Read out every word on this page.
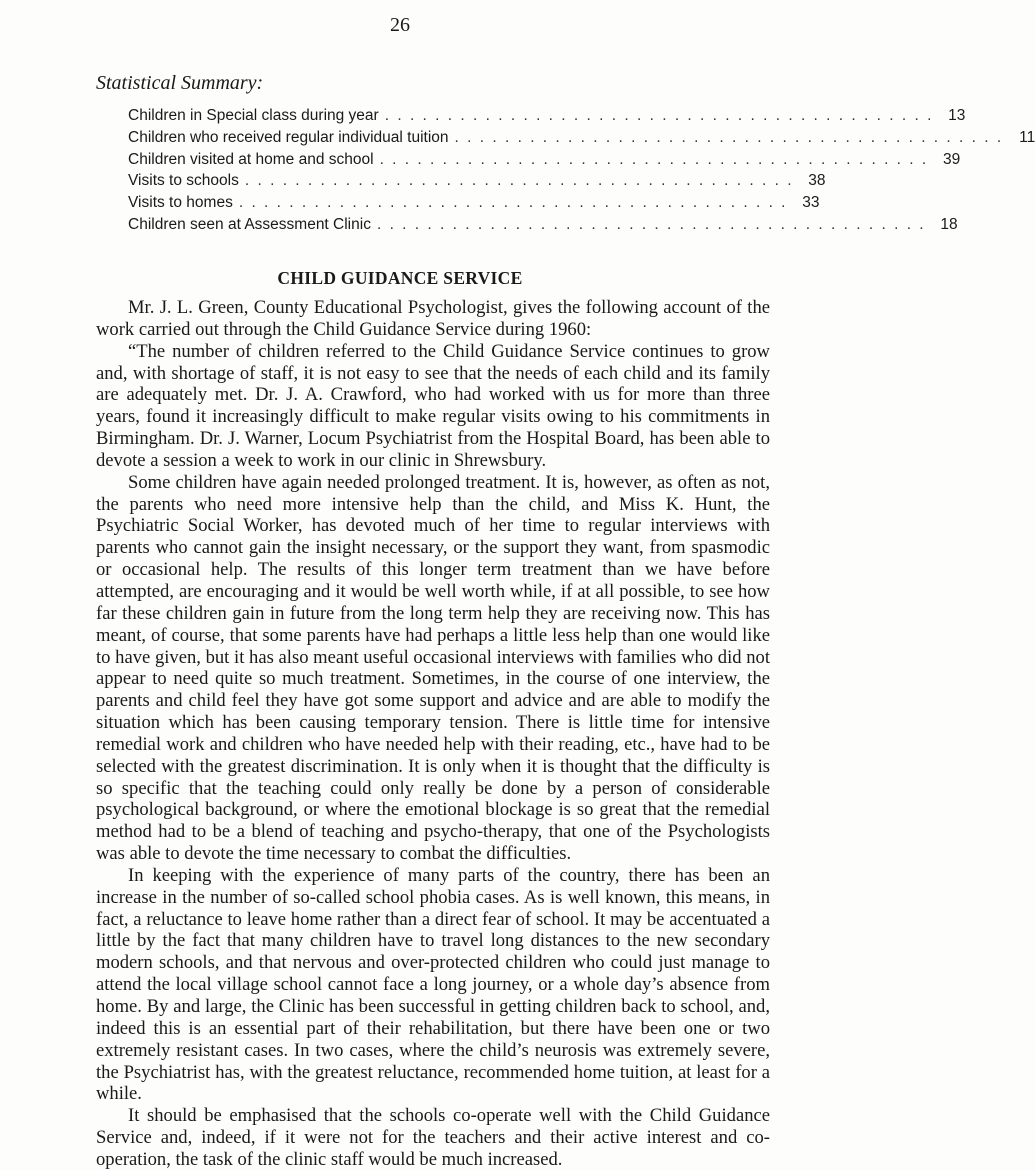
26
Statistical Summary:
Children in Special class during year . . . . . . . . . . . . . . . . . . . . . . . . . . . . . . . . . . . . . . . . . . . . 13
Children who received regular individual tuition . . . . . . . . . . . . . . . . . . . . . . . . . . . . . . . . . . . . . . . . . . . .	11
Children visited at home and school . . . . . . . . . . . . . . . . . . . . . . . . . . . . . . . . . . . . . . . . . . . . 39
Visits to schools . . . . . . . . . . . . . . . . . . . . . . . . . . . . . . . . . . . . . . . . . . . . 38
Visits to homes . . . . . . . . . . . . . . . . . . . . . . . . . . . . . . . . . . . . . . . . . . . . 33
Children seen at Assessment Clinic . . . . . . . . . . . . . . . . . . . . . . . . . . . . . . . . . . . . . . . . . . . . 18
CHILD GUIDANCE SERVICE

Mr. J. L. Green, County Educational Psychologist, gives the following account of the work carried out through the Child Guidance Service during 1960:

“The number of children referred to the Child Guidance Service continues to grow and, with shortage of staff, it is not easy to see that the needs of each child and its family are adequately met. Dr. J. A. Crawford, who had worked with us for more than three years, found it increasingly difficult to make regular visits owing to his commitments in Birmingham. Dr. J. Warner, Locum Psychiatrist from the Hospital Board, has been able to devote a session a week to work in our clinic in Shrewsbury.

Some children have again needed prolonged treatment. It is, however, as often as not, the parents who need more intensive help than the child, and Miss K. Hunt, the Psychiatric Social Worker, has devoted much of her time to regular interviews with parents who cannot gain the insight necessary, or the support they want, from spasmodic or occasional help. The results of this longer term treatment than we have before attempted, are encouraging and it would be well worth while, if at all possible, to see how far these children gain in future from the long term help they are receiving now. This has meant, of course, that some parents have had perhaps a little less help than one would like to have given, but it has also meant useful occasional interviews with families who did not appear to need quite so much treatment. Sometimes, in the course of one interview, the parents and child feel they have got some support and advice and are able to modify the situation which has been causing temporary tension. There is little time for intensive remedial work and children who have needed help with their reading, etc., have had to be selected with the greatest discrimination. It is only when it is thought that the difficulty is so specific that the teaching could only really be done by a person of considerable psychological background, or where the emotional blockage is so great that the remedial method had to be a blend of teaching and psycho-therapy, that one of the Psychologists was able to devote the time necessary to combat the difficulties.

In keeping with the experience of many parts of the country, there has been an increase in the number of so-called school phobia cases. As is well known, this means, in fact, a reluctance to leave home rather than a direct fear of school. It may be accentuated a little by the fact that many children have to travel long distances to the new secondary modern schools, and that nervous and over-protected children who could just manage to attend the local village school cannot face a long journey, or a whole day’s absence from home. By and large, the Clinic has been successful in getting children back to school, and, indeed this is an essential part of their rehabilitation, but there have been one or two extremely resistant cases. In two cases, where the child’s neurosis was extremely severe, the Psychiatrist has, with the greatest reluctance, recommended home tuition, at least for a while.

It should be emphasised that the schools co-operate well with the Child Guidance Service and, indeed, if it were not for the teachers and their active interest and co-operation, the task of the clinic staff would be much increased.
